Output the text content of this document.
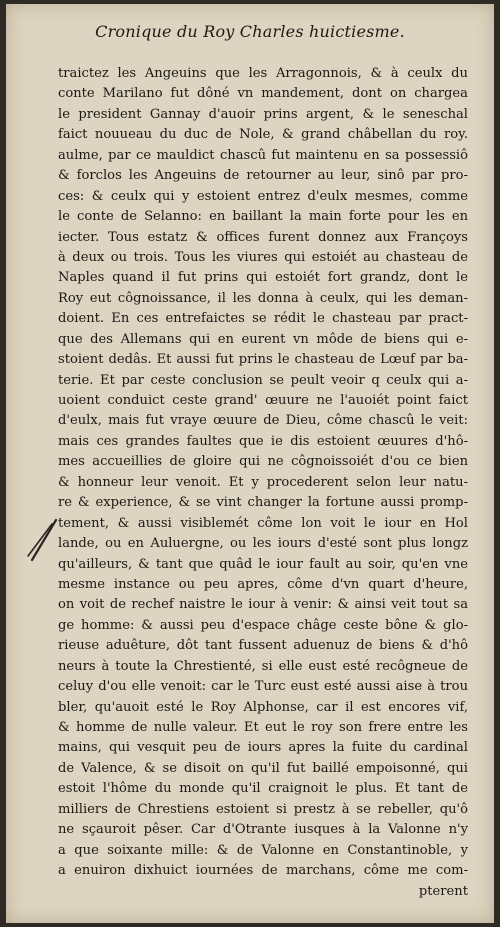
Cronique du Roy Charles huictiesme.
traictez les Angeuins que les Arragonnois, & à ceulx du
conte Marilano fut dôné vn mandement, dont on chargea
le president Gannay d'auoir prins argent, & le seneschal
faict nouueau du duc de Nole, & grand châbellan du roy.
aulme, par ce mauldict chascû fut maintenu en sa possessiô
& forclos les Angeuins de retourner au leur, sinô par pro-
ces: & ceulx qui y estoient entrez d'eulx mesmes, comme
le conte de Selanno: en baillant la main forte pour les en
iecter. Tous estatz & offices furent donnez aux Françoys
à deux ou trois. Tous les viures qui estoiét au chasteau de
Naples quand il fut prins qui estoiét fort grandz, dont le
Roy eut côgnoissance, il les donna à ceulx, qui les deman-
doient. En ces entrefaictes se rédit le chasteau par pract-
que des Allemans qui en eurent vn môde de biens qui e-
stoient dedâs. Et aussi fut prins le chasteau de Lœuf par ba-
terie. Et par ceste conclusion se peult veoir q ceulx qui a-
uoient conduict ceste grand' œuure ne l'auoiét point faict
d'eulx, mais fut vraye œuure de Dieu, côme chascû le veit:
mais ces grandes faultes que ie dis estoient œuures d'hô-
mes accueillies de gloire qui ne côgnoissoiét d'ou ce bien
& honneur leur venoit. Et y procederent selon leur natu-
re & experience, & se vint changer la fortune aussi promp-
tement, & aussi visiblemét côme lon voit le iour en Hol
lande, ou en Auluergne, ou les iours d'esté sont plus longz
qu'ailleurs, & tant que quâd le iour fault au soir, qu'en vne
mesme instance ou peu apres, côme d'vn quart d'heure,
on voit de rechef naistre le iour à venir: & ainsi veit tout sa
ge homme: & aussi peu d'espace châge ceste bône & glo-
rieuse aduêture, dôt tant fussent aduenuz de biens & d'hô
neurs à toute la Chrestienté, si elle eust esté recôgneue de
celuy d'ou elle venoit: car le Turc eust esté aussi aise à trou
bler, qu'auoit esté le Roy Alphonse, car il est encores vif,
& homme de nulle valeur. Et eut le roy son frere entre les
mains, qui vesquit peu de iours apres la fuite du cardinal
de Valence, & se disoit on qu'il fut baillé empoisonné, qui
estoit l'hôme du monde qu'il craignoit le plus. Et tant de
milliers de Chrestiens estoient si prestz à se rebeller, qu'ô
ne sçauroit pêser. Car d'Otrante iusques à la Valonne n'y
a que soixante mille: & de Valonne en Constantinoble, y
a enuiron dixhuict iournées de marchans, côme me com-
pterent
